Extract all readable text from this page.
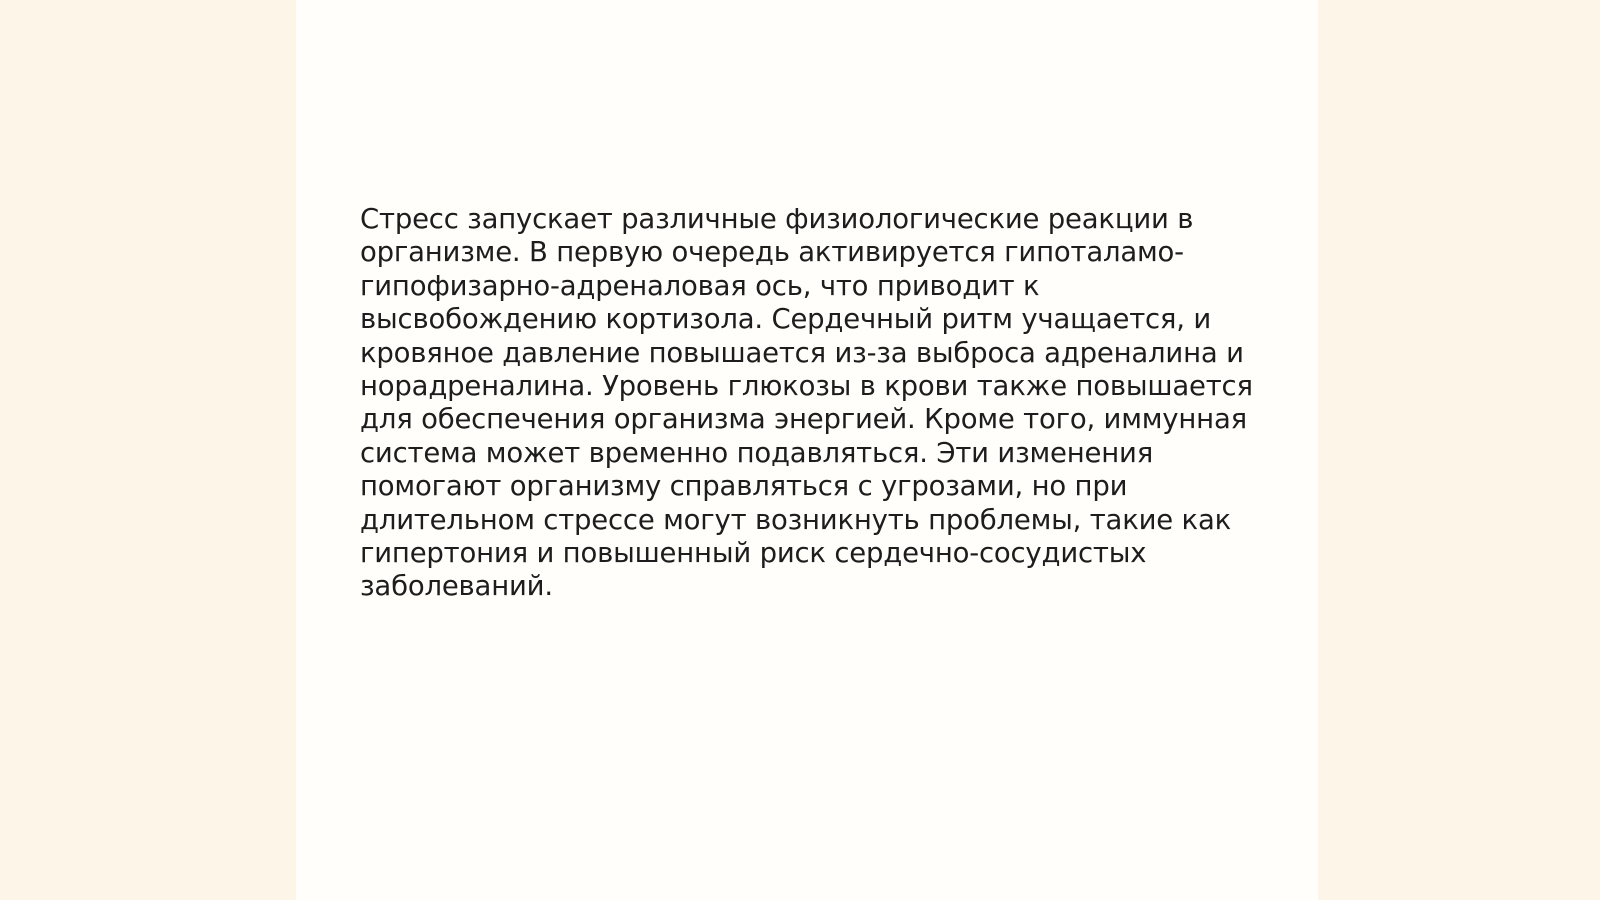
Стресс запускает различные физиологические реакции в
организме. В первую очередь активируется гипоталамо-
гипофизарно-адреналовая ось, что приводит к
высвобождению кортизола. Сердечный ритм учащается, и
кровяное давление повышается из-за выброса адреналина и
норадреналина. Уровень глюкозы в крови также повышается
для обеспечения организма энергией. Кроме того, иммунная
система может временно подавляться. Эти изменения
помогают организму справляться с угрозами, но при
длительном стрессе могут возникнуть проблемы, такие как
гипертония и повышенный риск сердечно-сосудистых
заболеваний.
